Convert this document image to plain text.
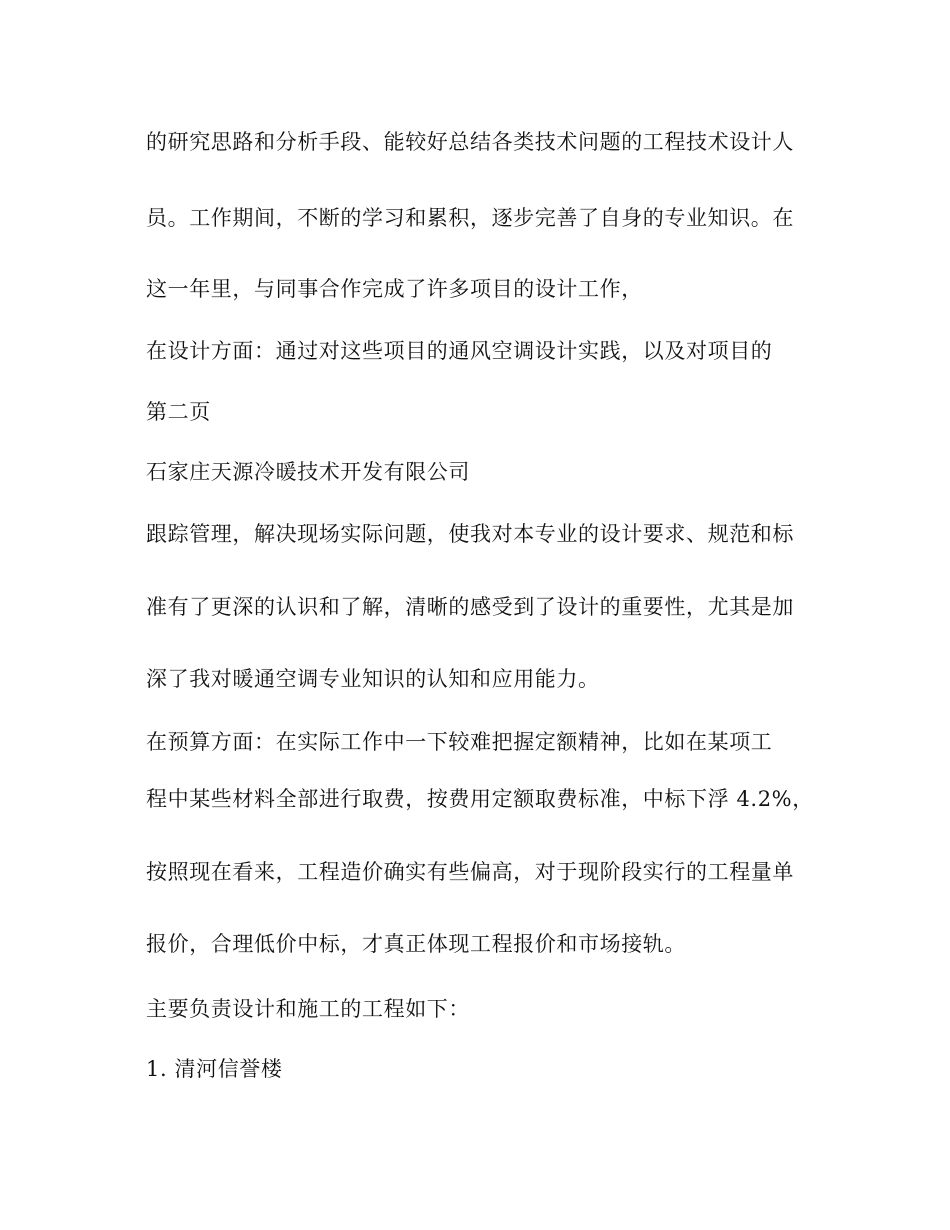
的研究思路和分析手段、能较好总结各类技术问题的工程技术设计人
员。工作期间，不断的学习和累积，逐步完善了自身的专业知识。在
这一年里，与同事合作完成了许多项目的设计工作，
在设计方面：通过对这些项目的通风空调设计实践，以及对项目的
第二页
石家庄天源冷暖技术开发有限公司
跟踪管理，解决现场实际问题，使我对本专业的设计要求、规范和标
准有了更深的认识和了解，清晰的感受到了设计的重要性，尤其是加
深了我对暖通空调专业知识的认知和应用能力。
在预算方面：在实际工作中一下较难把握定额精神，比如在某项工
程中某些材料全部进行取费，按费用定额取费标准，中标下浮 4.2%，
按照现在看来，工程造价确实有些偏高，对于现阶段实行的工程量单
报价，合理低价中标，才真正体现工程报价和市场接轨。
主要负责设计和施工的工程如下：
1. 清河信誉楼
